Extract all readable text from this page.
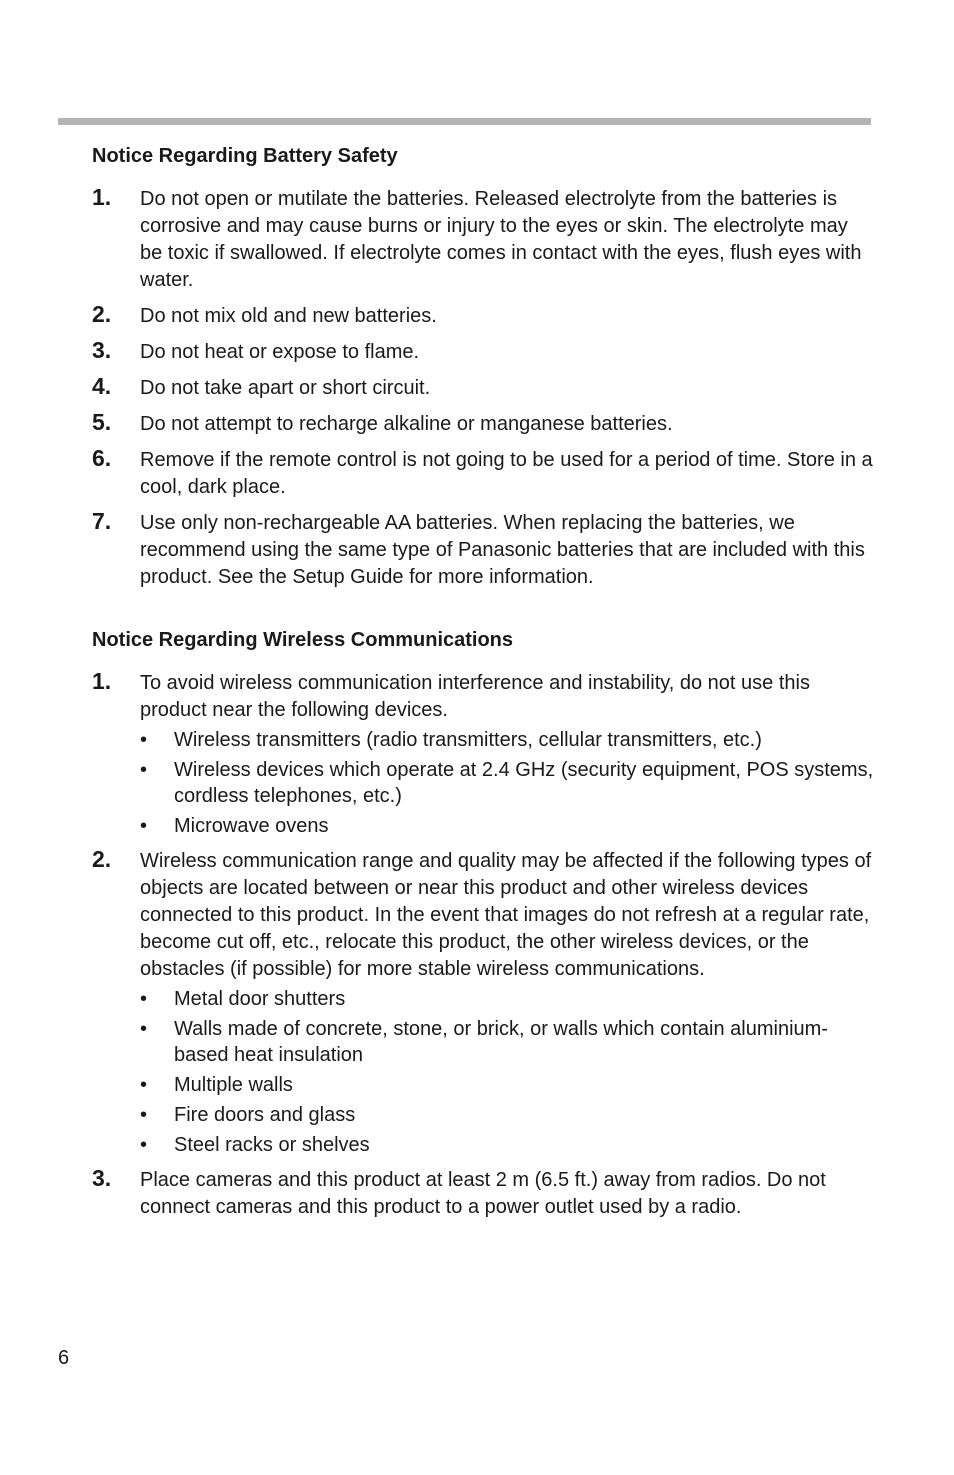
Notice Regarding Battery Safety
1. Do not open or mutilate the batteries. Released electrolyte from the batteries is corrosive and may cause burns or injury to the eyes or skin. The electrolyte may be toxic if swallowed. If electrolyte comes in contact with the eyes, flush eyes with water.
2. Do not mix old and new batteries.
3. Do not heat or expose to flame.
4. Do not take apart or short circuit.
5. Do not attempt to recharge alkaline or manganese batteries.
6. Remove if the remote control is not going to be used for a period of time. Store in a cool, dark place.
7. Use only non-rechargeable AA batteries. When replacing the batteries, we recommend using the same type of Panasonic batteries that are included with this product. See the Setup Guide for more information.
Notice Regarding Wireless Communications
1. To avoid wireless communication interference and instability, do not use this product near the following devices.
• Wireless transmitters (radio transmitters, cellular transmitters, etc.)
• Wireless devices which operate at 2.4 GHz (security equipment, POS systems, cordless telephones, etc.)
• Microwave ovens
2. Wireless communication range and quality may be affected if the following types of objects are located between or near this product and other wireless devices connected to this product. In the event that images do not refresh at a regular rate, become cut off, etc., relocate this product, the other wireless devices, or the obstacles (if possible) for more stable wireless communications.
• Metal door shutters
• Walls made of concrete, stone, or brick, or walls which contain aluminium-based heat insulation
• Multiple walls
• Fire doors and glass
• Steel racks or shelves
3. Place cameras and this product at least 2 m (6.5 ft.) away from radios. Do not connect cameras and this product to a power outlet used by a radio.
6
